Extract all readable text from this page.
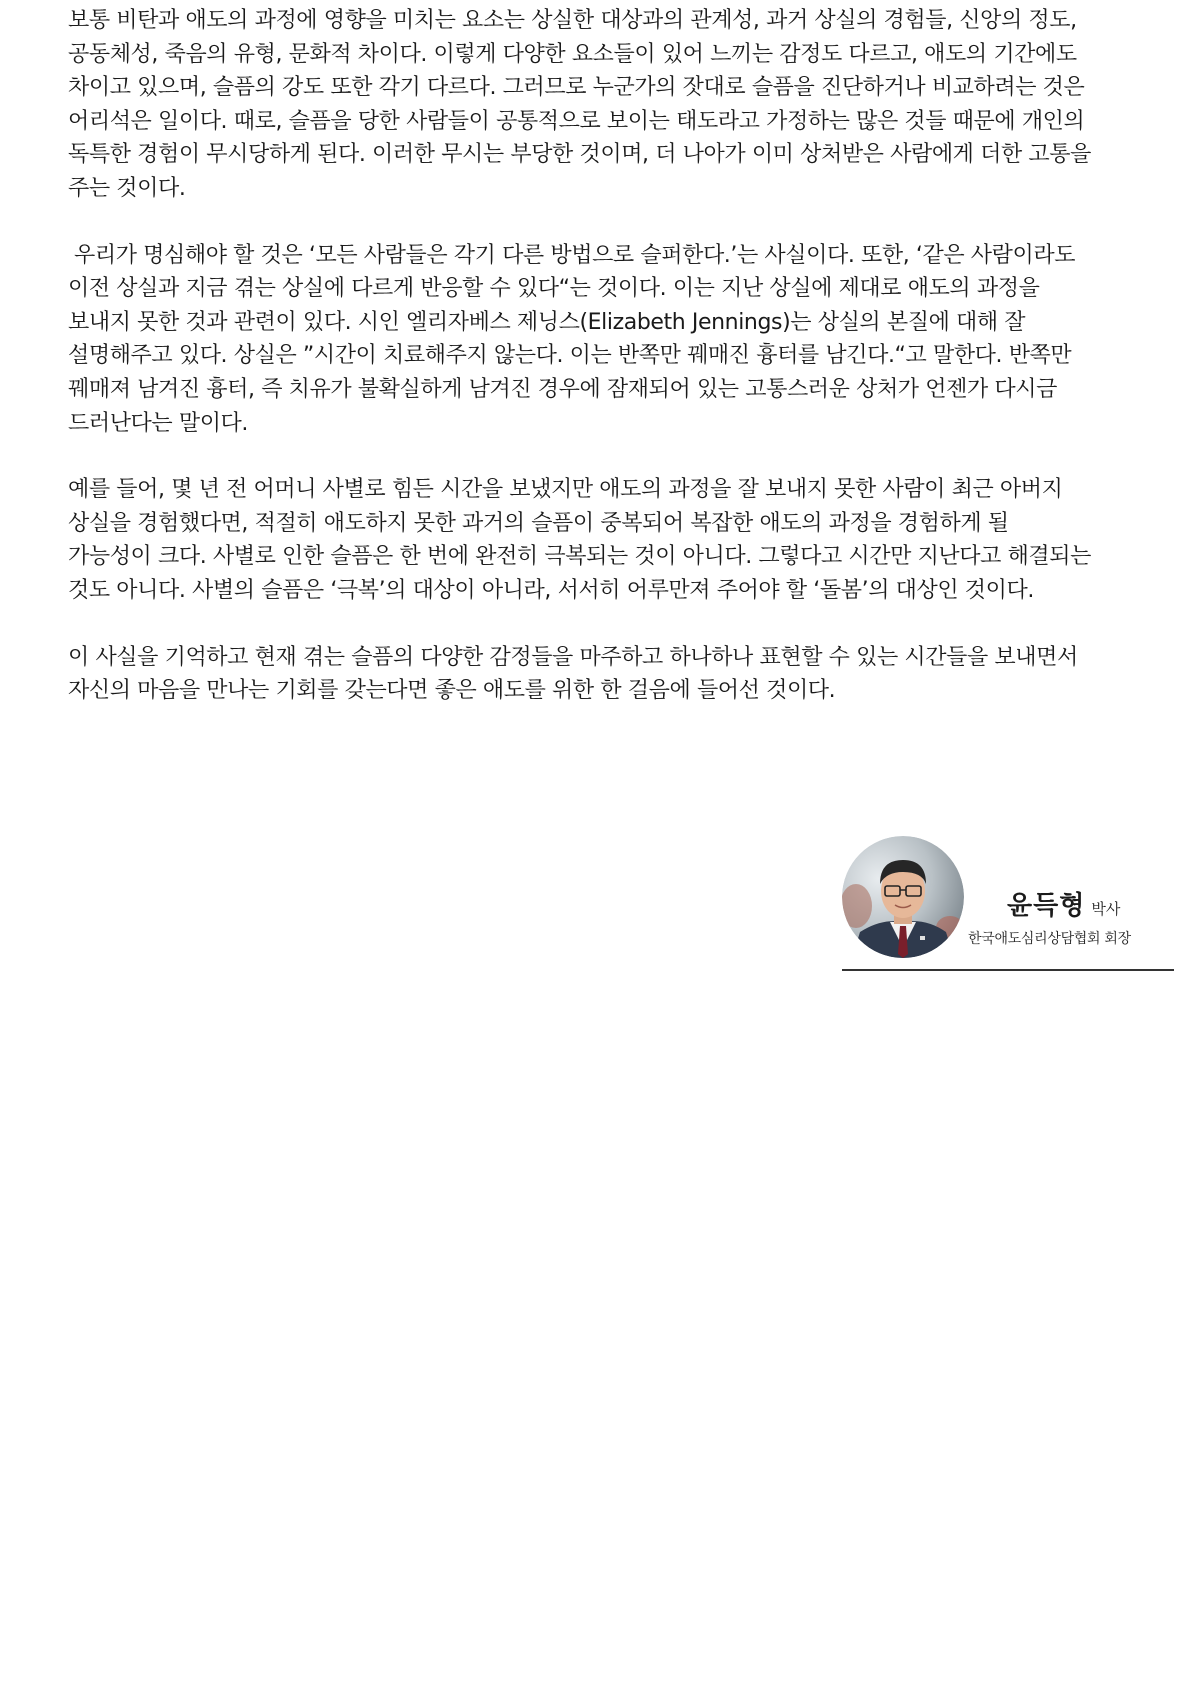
보통 비탄과 애도의 과정에 영향을 미치는 요소는 상실한 대상과의 관계성, 과거 상실의 경험들, 신앙의 정도, 공동체성, 죽음의 유형, 문화적 차이다. 이렇게 다양한 요소들이 있어 느끼는 감정도 다르고, 애도의 기간에도 차이고 있으며, 슬픔의 강도 또한 각기 다르다. 그러므로 누군가의 잣대로 슬픔을 진단하거나 비교하려는 것은 어리석은 일이다. 때로, 슬픔을 당한 사람들이 공통적으로 보이는 태도라고 가정하는 많은 것들 때문에 개인의 독특한 경험이 무시당하게 된다. 이러한 무시는 부당한 것이며, 더 나아가 이미 상처받은 사람에게 더한 고통을 주는 것이다.

우리가 명심해야 할 것은 ‘모든 사람들은 각기 다른 방법으로 슬퍼한다.’는 사실이다. 또한, ‘같은 사람이라도 이전 상실과 지금 겪는 상실에 다르게 반응할 수 있다“는 것이다. 이는 지난 상실에 제대로 애도의 과정을 보내지 못한 것과 관련이 있다. 시인 엘리자베스 제닝스(Elizabeth Jennings)는 상실의 본질에 대해 잘 설명해주고 있다. 상실은 ”시간이 치료해주지 않는다. 이는 반쪽만 꿰매진 흉터를 남긴다.“고 말한다. 반쪽만 꿰매져 남겨진 흉터, 즉 치유가 불확실하게 남겨진 경우에 잠재되어 있는 고통스러운 상처가 언젠가 다시금 드러난다는 말이다.

예를 들어, 몇 년 전 어머니 사별로 힘든 시간을 보냈지만 애도의 과정을 잘 보내지 못한 사람이 최근 아버지 상실을 경험했다면, 적절히 애도하지 못한 과거의 슬픔이 중복되어 복잡한 애도의 과정을 경험하게 될 가능성이 크다. 사별로 인한 슬픔은 한 번에 완전히 극복되는 것이 아니다. 그렇다고 시간만 지난다고 해결되는 것도 아니다. 사별의 슬픔은 ‘극복’의 대상이 아니라, 서서히 어루만져 주어야 할 ‘돌봄’의 대상인 것이다.

이 사실을 기억하고 현재 겪는 슬픔의 다양한 감정들을 마주하고 하나하나 표현할 수 있는 시간들을 보내면서 자신의 마음을 만나는 기회를 갖는다면 좋은 애도를 위한 한 걸음에 들어선 것이다.

윤득형 박사
한국애도심리상담협회 회장
